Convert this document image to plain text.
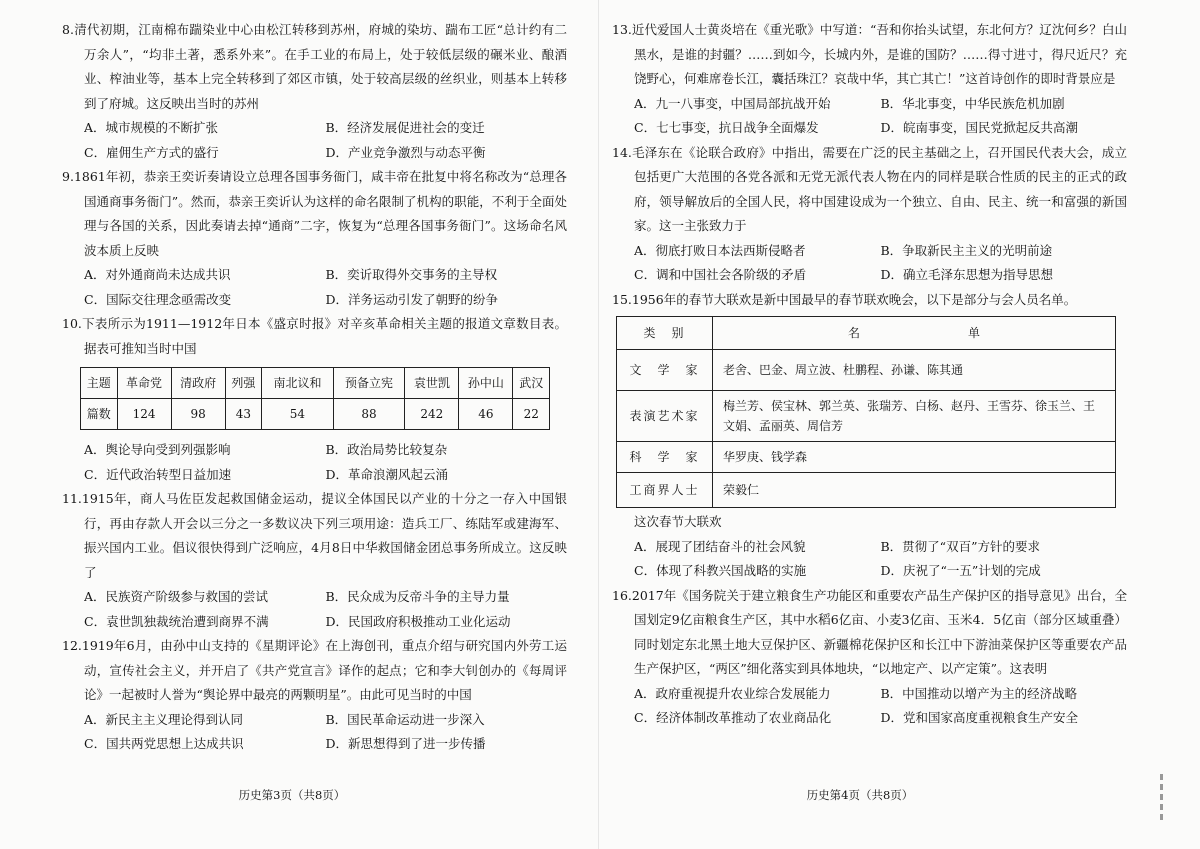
8.清代初期，江南棉布踹染业中心由松江转移到苏州，府城的染坊、踹布工匠“总计约有二万余人”，“均非土著，悉系外来”。在手工业的布局上，处于较低层级的碾米业、酿酒业、榨油业等，基本上完全转移到了郊区市镇，处于较高层级的丝织业，则基本上转移到了府城。这反映出当时的苏州

A．城市规模的不断扩张	B．经济发展促进社会的变迁
C．雇佣生产方式的盛行	D．产业竞争激烈与动态平衡

9.1861年初，恭亲王奕䜣奏请设立总理各国事务衙门，咸丰帝在批复中将名称改为“总理各国通商事务衙门”。然而，恭亲王奕䜣认为这样的命名限制了机构的职能，不利于全面处理与各国的关系，因此奏请去掉“通商”二字，恢复为“总理各国事务衙门”。这场命名风波本质上反映

A．对外通商尚未达成共识	B．奕䜣取得外交事务的主导权
C．国际交往理念亟需改变	D．洋务运动引发了朝野的纷争

10.下表所示为1911—1912年日本《盛京时报》对辛亥革命相关主题的报道文章数目表。据表可推知当时中国

主题	革命党	清政府	列强	南北议和	预备立宪	袁世凯	孙中山	武汉
篇数	124	98	43	54	88	242	46	22
A．舆论导向受到列强影响	B．政治局势比较复杂
C．近代政治转型日益加速	D．革命浪潮风起云涌

11.1915年，商人马佐臣发起救国储金运动，提议全体国民以产业的十分之一存入中国银行，再由存款人开会以三分之一多数议决下列三项用途：造兵工厂、练陆军或建海军、振兴国内工业。倡议很快得到广泛响应，4月8日中华救国储金团总事务所成立。这反映了

A．民族资产阶级参与救国的尝试	B．民众成为反帝斗争的主导力量
C．袁世凯独裁统治遭到商界不满	D．民国政府积极推动工业化运动

12.1919年6月，由孙中山支持的《星期评论》在上海创刊，重点介绍与研究国内外劳工运动，宣传社会主义，并开启了《共产党宣言》译作的起点；它和李大钊创办的《每周评论》一起被时人誉为“舆论界中最亮的两颗明星”。由此可见当时的中国

A．新民主主义理论得到认同	B．国民革命运动进一步深入
C．国共两党思想上达成共识	D．新思想得到了进一步传播
历史第3页（共8页）

13.近代爱国人士黄炎培在《重光歌》中写道：“吾和你抬头试望，东北何方？辽沈何乡？白山黑水，是谁的封疆？……到如今，长城内外，是谁的国防？……得寸进寸，得尺近尺？充饶野心，何难席卷长江，囊括珠江？哀哉中华，其亡其亡！”这首诗创作的即时背景应是

A．九一八事变，中国局部抗战开始	B．华北事变，中华民族危机加剧
C．七七事变，抗日战争全面爆发	D．皖南事变，国民党掀起反共高潮

14.毛泽东在《论联合政府》中指出，需要在广泛的民主基础之上，召开国民代表大会，成立包括更广大范围的各党各派和无党无派代表人物在内的同样是联合性质的民主的正式的政府，领导解放后的全国人民，将中国建设成为一个独立、自由、民主、统一和富强的新国家。这一主张致力于

A．彻底打败日本法西斯侵略者	B．争取新民主主义的光明前途
C．调和中国社会各阶级的矛盾	D．确立毛泽东思想为指导思想

15.1956年的春节大联欢是新中国最早的春节联欢晚会，以下是部分与会人员名单。

类　别	名　　　　　　　　　单
文　学　家	老舍、巴金、周立波、杜鹏程、孙谦、陈其通
表演艺术家	梅兰芳、侯宝林、郭兰英、张瑞芳、白杨、赵丹、王雪芬、徐玉兰、王文娟、孟丽英、周信芳
科　学　家	华罗庚、钱学森
工商界人士	荣毅仁

这次春节大联欢

A．展现了团结奋斗的社会风貌	B．贯彻了“双百”方针的要求
C．体现了科教兴国战略的实施	D．庆祝了“一五”计划的完成

16.2017年《国务院关于建立粮食生产功能区和重要农产品生产保护区的指导意见》出台，全国划定9亿亩粮食生产区，其中水稻6亿亩、小麦3亿亩、玉米4．5亿亩（部分区域重叠）同时划定东北黑土地大豆保护区、新疆棉花保护区和长江中下游油菜保护区等重要农产品生产保护区，“两区”细化落实到具体地块，“以地定产、以产定策”。这表明

A．政府重视提升农业综合发展能力	B．中国推动以增产为主的经济战略
C．经济体制改革推动了农业商品化	D．党和国家高度重视粮食生产安全
历史第4页（共8页）
